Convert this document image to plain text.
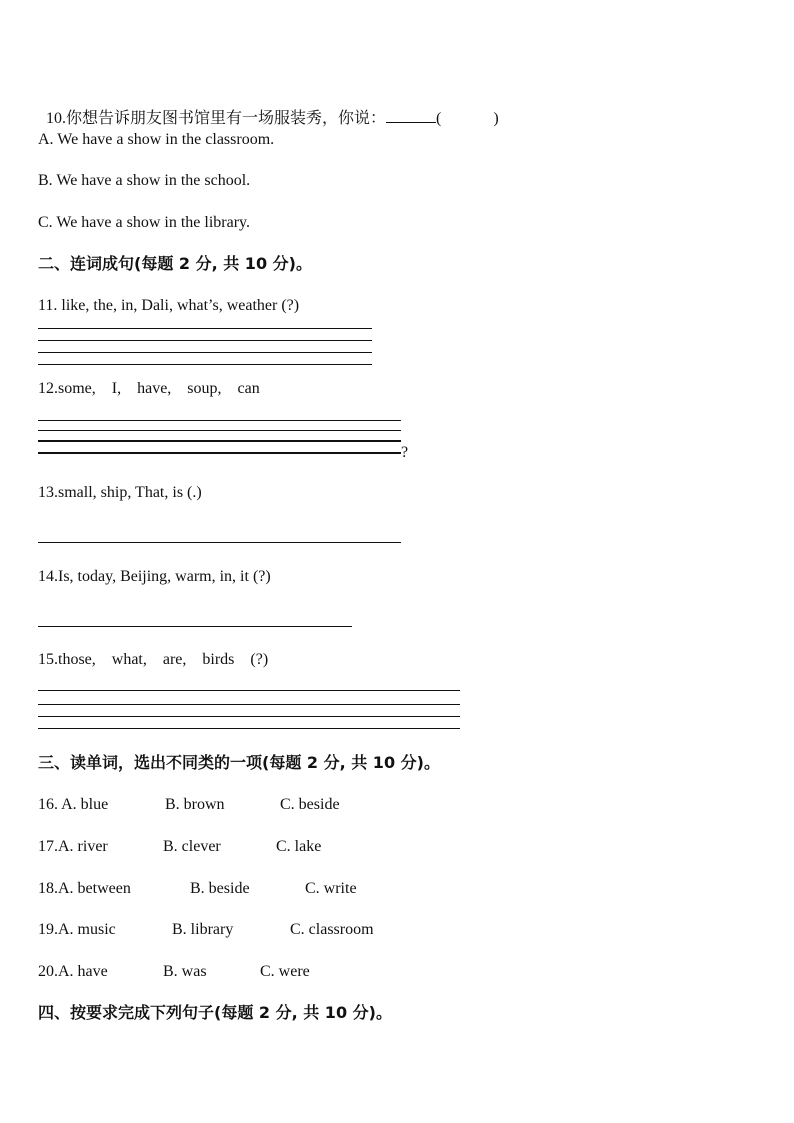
10.你想告诉朋友图书馆里有一场服装秀，你说：	(	)

A. We have a show in the classroom.
B. We have a show in the school.
C. We have a show in the library.
二、连词成句(每题 2 分, 共 10 分)。
11. like, the, in, Dali, what’s, weather (?)
12.some,    I,    have,    soup,    can
?
13.small, ship, That, is (.)
14.Is, today, Beijing, warm, in, it (?)
15.those,    what,    are,    birds    (?)
三、读单词，选出不同类的一项(每题 2 分, 共 10 分)。
16. A. blue	B. brown	C. beside
17.A. river	B. clever	C. lake
18.A. between	B. beside	C. write
19.A. music	B. library	C. classroom
20.A. have	B. was	C. were
四、按要求完成下列句子(每题 2 分, 共 10 分)。
